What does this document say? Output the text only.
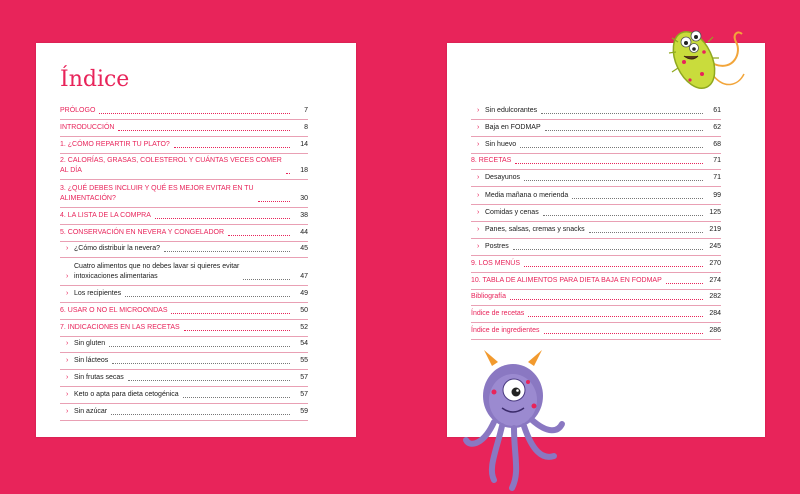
Índice
PRÓLOGO	7
INTRODUCCIÓN	8
1. ¿CÓMO REPARTIR TU PLATO?	14
2. CALORÍAS, GRASAS, COLESTEROL Y CUÁNTAS VECES COMER
AL DÍA	18
3. ¿QUÉ DEBES INCLUIR Y QUÉ ES MEJOR EVITAR EN TU
ALIMENTACIÓN?	30
4. LA LISTA DE LA COMPRA	38
5. CONSERVACIÓN EN NEVERA Y CONGELADOR	44
› ¿Cómo distribuir la nevera?	45
›
Cuatro alimentos que no debes lavar si quieres evitar
intoxicaciones alimentarias	47
› Los recipientes	49
6. USAR O NO EL MICROONDAS	50
7. INDICACIONES EN LAS RECETAS	52
› Sin gluten	54
› Sin lácteos	55
› Sin frutas secas	57
› Keto o apta para dieta cetogénica	57
› Sin azúcar	59
› Sin edulcorantes	61
› Baja en FODMAP	62
› Sin huevo	68
8. RECETAS	71
› Desayunos	71
› Media mañana o merienda	99
› Comidas y cenas	125
› Panes, salsas, cremas y snacks	219
› Postres	245
9. LOS MENÚS	270
10. TABLA DE ALIMENTOS PARA DIETA BAJA EN FODMAP	274
Bibliografía	282
Índice de recetas	284
Índice de ingredientes	286
